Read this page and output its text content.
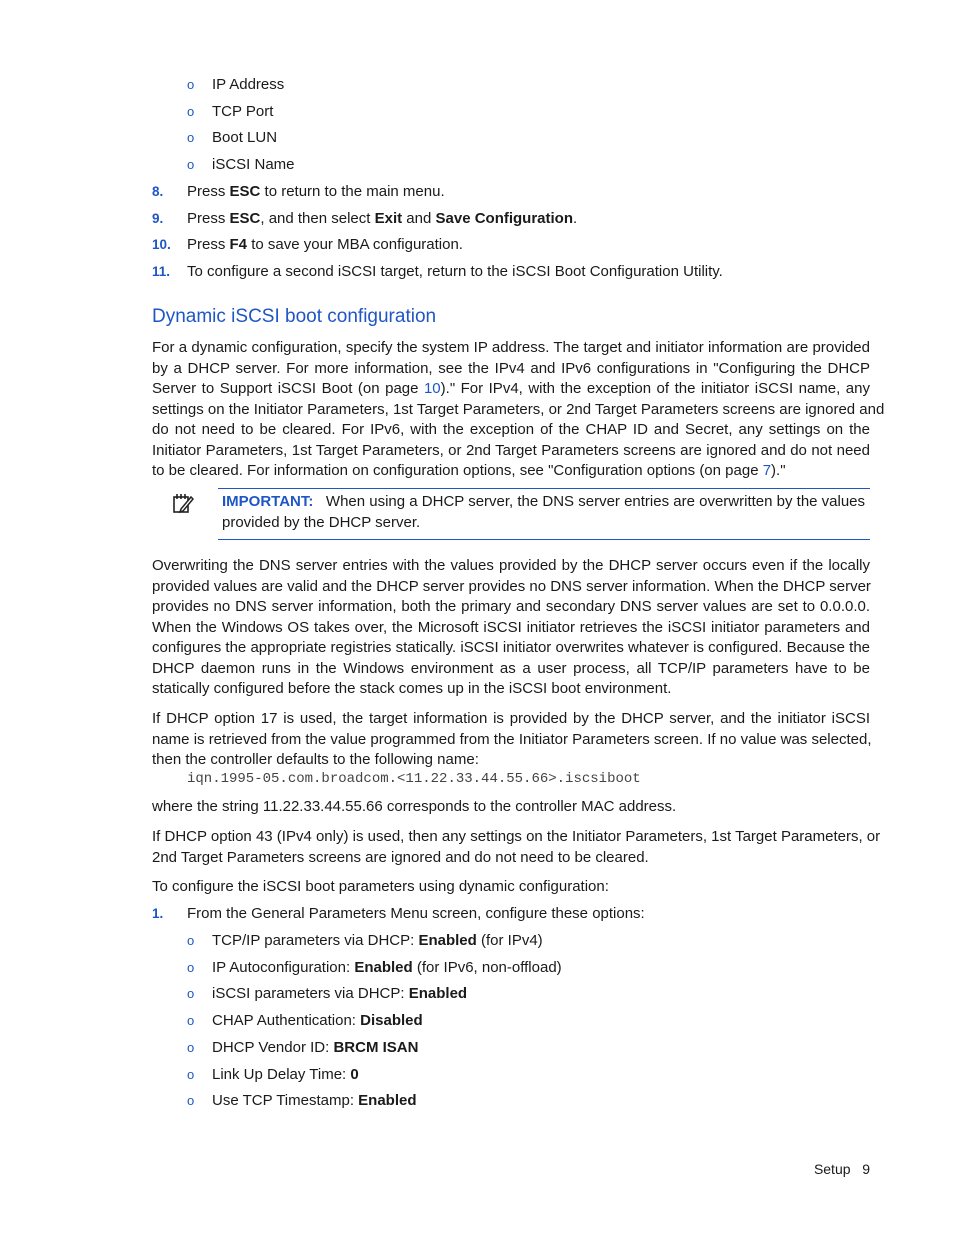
o IP Address
o TCP Port
o Boot LUN
o iSCSI Name
8. Press ESC to return to the main menu.
9. Press ESC, and then select Exit and Save Configuration.
10. Press F4 to save your MBA configuration.
11. To configure a second iSCSI target, return to the iSCSI Boot Configuration Utility.
Dynamic iSCSI boot configuration
For a dynamic configuration, specify the system IP address. The target and initiator information are provided
by a DHCP server. For more information, see the IPv4 and IPv6 configurations in "Configuring the DHCP
Server to Support iSCSI Boot (on page 10)." For IPv4, with the exception of the initiator iSCSI name, any
settings on the Initiator Parameters, 1st Target Parameters, or 2nd Target Parameters screens are ignored and
do not need to be cleared. For IPv6, with the exception of the CHAP ID and Secret, any settings on the
Initiator Parameters, 1st Target Parameters, or 2nd Target Parameters screens are ignored and do not need
to be cleared. For information on configuration options, see "Configuration options (on page 7)."
IMPORTANT: When using a DHCP server, the DNS server entries are overwritten by the values
provided by the DHCP server.
Overwriting the DNS server entries with the values provided by the DHCP server occurs even if the locally
provided values are valid and the DHCP server provides no DNS server information. When the DHCP server
provides no DNS server information, both the primary and secondary DNS server values are set to 0.0.0.0.
When the Windows OS takes over, the Microsoft iSCSI initiator retrieves the iSCSI initiator parameters and
configures the appropriate registries statically. iSCSI initiator overwrites whatever is configured. Because the
DHCP daemon runs in the Windows environment as a user process, all TCP/IP parameters have to be
statically configured before the stack comes up in the iSCSI boot environment.
If DHCP option 17 is used, the target information is provided by the DHCP server, and the initiator iSCSI
name is retrieved from the value programmed from the Initiator Parameters screen. If no value was selected,
then the controller defaults to the following name:
iqn.1995-05.com.broadcom.<11.22.33.44.55.66>.iscsiboot
where the string 11.22.33.44.55.66 corresponds to the controller MAC address.
If DHCP option 43 (IPv4 only) is used, then any settings on the Initiator Parameters, 1st Target Parameters, or
2nd Target Parameters screens are ignored and do not need to be cleared.
To configure the iSCSI boot parameters using dynamic configuration:
1. From the General Parameters Menu screen, configure these options:
o TCP/IP parameters via DHCP: Enabled (for IPv4)
o IP Autoconfiguration: Enabled (for IPv6, non-offload)
o iSCSI parameters via DHCP: Enabled
o CHAP Authentication: Disabled
o DHCP Vendor ID: BRCM ISAN
o Link Up Delay Time: 0
o Use TCP Timestamp: Enabled
Setup 9
